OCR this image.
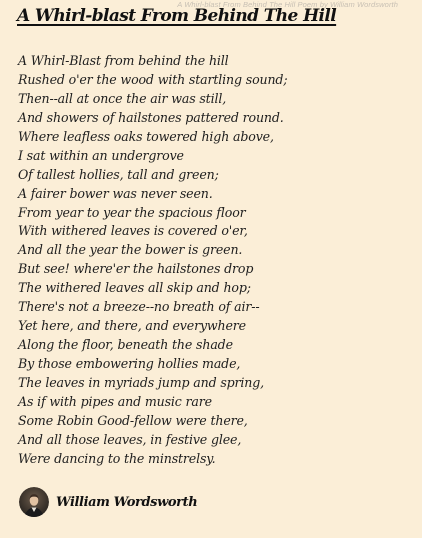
A Whirl-blast From Behind The Hill Poem by William Wordsworth
A Whirl-blast From Behind The Hill
A Whirl-Blast from behind the hill
Rushed o'er the wood with startling sound;
Then--all at once the air was still,
And showers of hailstones pattered round.
Where leafless oaks towered high above,
I sat within an undergrove
Of tallest hollies, tall and green;
A fairer bower was never seen.
From year to year the spacious floor
With withered leaves is covered o'er,
And all the year the bower is green.
But see! where'er the hailstones drop
The withered leaves all skip and hop;
There's not a breeze--no breath of air--
Yet here, and there, and everywhere
Along the floor, beneath the shade
By those embowering hollies made,
The leaves in myriads jump and spring,
As if with pipes and music rare
Some Robin Good-fellow were there,
And all those leaves, in festive glee,
Were dancing to the minstrelsy.
William Wordsworth
